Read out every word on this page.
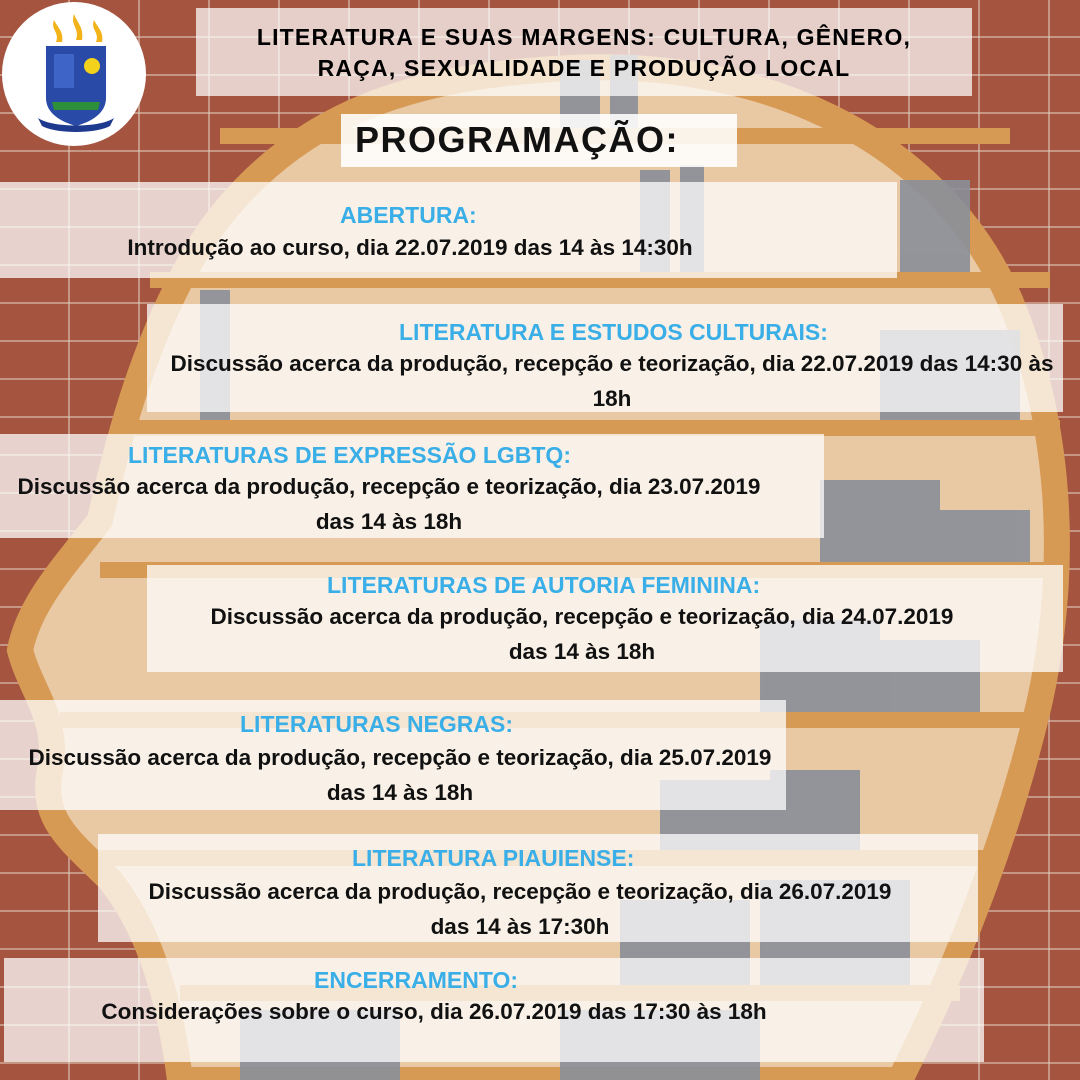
LITERATURA E SUAS MARGENS: CULTURA, GÊNERO,
RAÇA, SEXUALIDADE E PRODUÇÃO LOCAL
PROGRAMAÇÃO:
ABERTURA:
Introdução ao curso, dia 22.07.2019 das 14 às 14:30h
LITERATURA E ESTUDOS CULTURAIS:
Discussão acerca da produção, recepção e teorização, dia 22.07.2019 das 14:30 às 18h
LITERATURAS DE EXPRESSÃO LGBTQ:
Discussão acerca da produção, recepção e teorização, dia 23.07.2019 das 14 às 18h
LITERATURAS DE AUTORIA FEMININA:
Discussão acerca da produção, recepção e teorização, dia 24.07.2019 das 14 às 18h
LITERATURAS NEGRAS:
Discussão acerca da produção, recepção e teorização, dia 25.07.2019 das 14 às 18h
LITERATURA PIAUIENSE:
Discussão acerca da produção, recepção e teorização, dia 26.07.2019 das 14 às 17:30h
ENCERRAMENTO:
Considerações sobre o curso, dia 26.07.2019 das 17:30 às 18h
